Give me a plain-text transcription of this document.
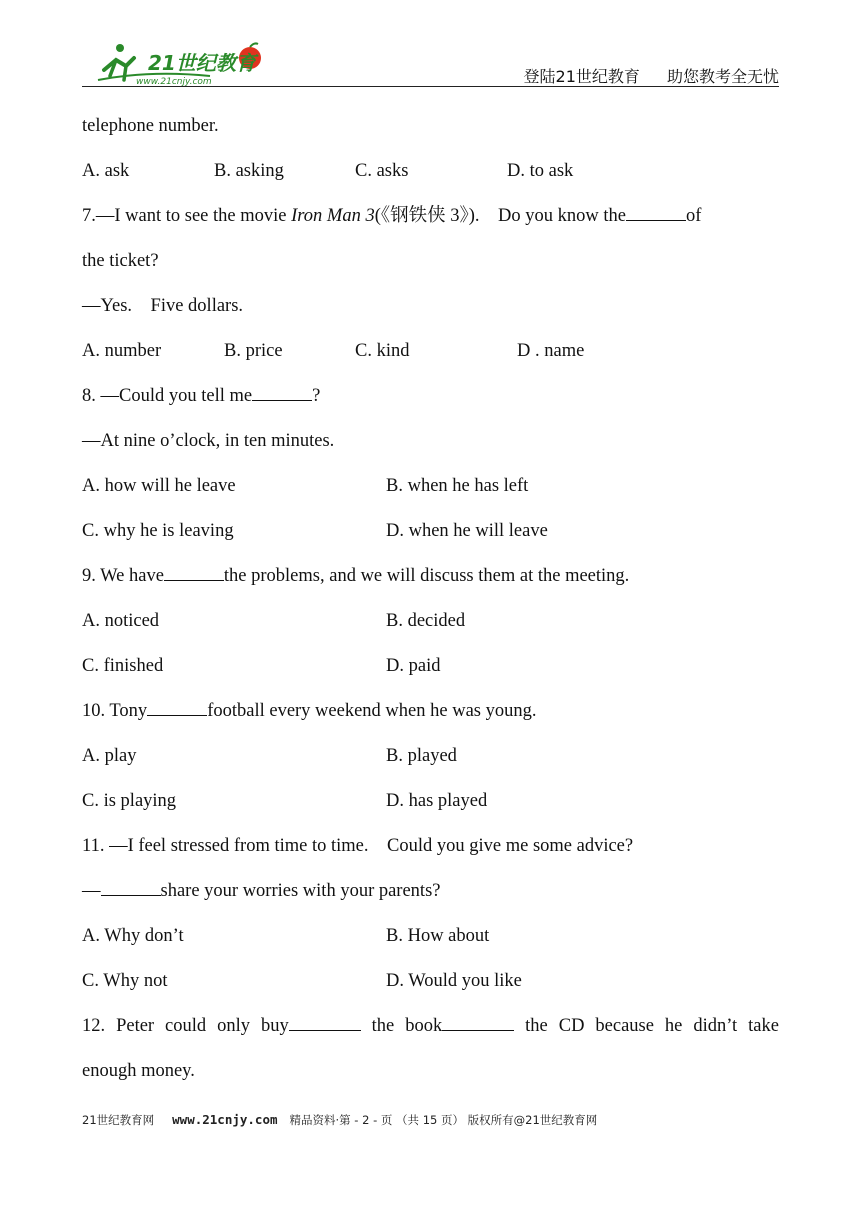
21世纪教育
www.21cnjy.com	登陆21世纪教育 助您教考全无忧
telephone number.
A. ask	B. asking	C. asks	D. to ask
7.—I want to see the movie Iron Man 3(《钢铁侠 3》).　Do you know the	of
the ticket?
—Yes.　Five dollars.
A. number	B. price	C. kind	D . name
8. —Could you tell me	?
—At nine o’clock, in ten minutes.
A. how will he leave	B. when he has left
C. why he is leaving	D. when he will leave
9. We have	the problems, and we will discuss them at the meeting.
A. noticed	B. decided
C. finished	D. paid
10. Tony	football every weekend when he was young.
A. play	B. played
C. is playing	D. has played
11. —I feel stressed from time to time.　Could you give me some advice?
—	share your worries with your parents?
A. Why don’t	B. How about
C. Why not	D. Would you like
12. Peter could only buy	the book	the CD because he didn’t take
enough money.
21世纪教育网 www.21cnjy.com 精品资料·第 - 2 - 页 （共 15 页） 版权所有@21世纪教育网
